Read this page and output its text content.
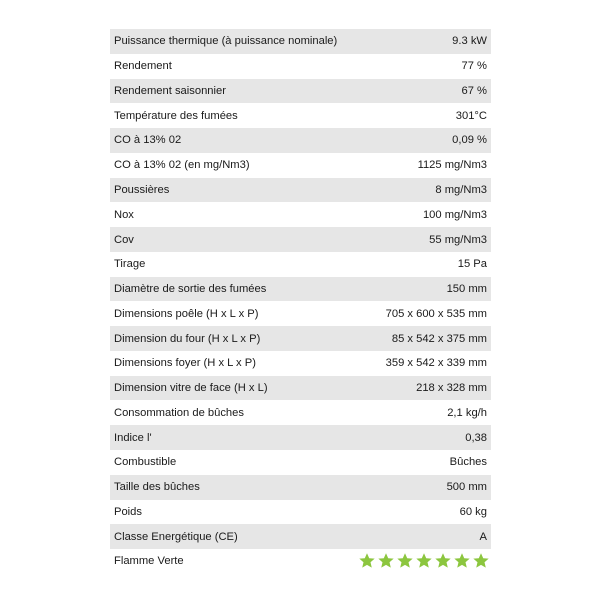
Puissance thermique (à puissance nominale)	9.3 kW
Rendement	77 %
Rendement saisonnier	67 %
Température des fumées	301°C
CO à 13% 02	0,09 %
CO à 13% 02 (en mg/Nm3)	1125 mg/Nm3
Poussières	8 mg/Nm3
Nox	100 mg/Nm3
Cov	55 mg/Nm3
Tirage	15 Pa
Diamètre de sortie des fumées	150 mm
Dimensions poêle (H x L x P)	705 x 600 x 535 mm
Dimension du four (H x L x P)	85 x 542 x 375 mm
Dimensions foyer (H x L x P)	359 x 542 x 339 mm
Dimension vitre de face (H x L)	218 x 328 mm
Consommation de bûches	2,1 kg/h
Indice l'	0,38
Combustible	Bûches
Taille des bûches	500 mm
Poids	60 kg
Classe Energétique (CE)	A
Flamme Verte
